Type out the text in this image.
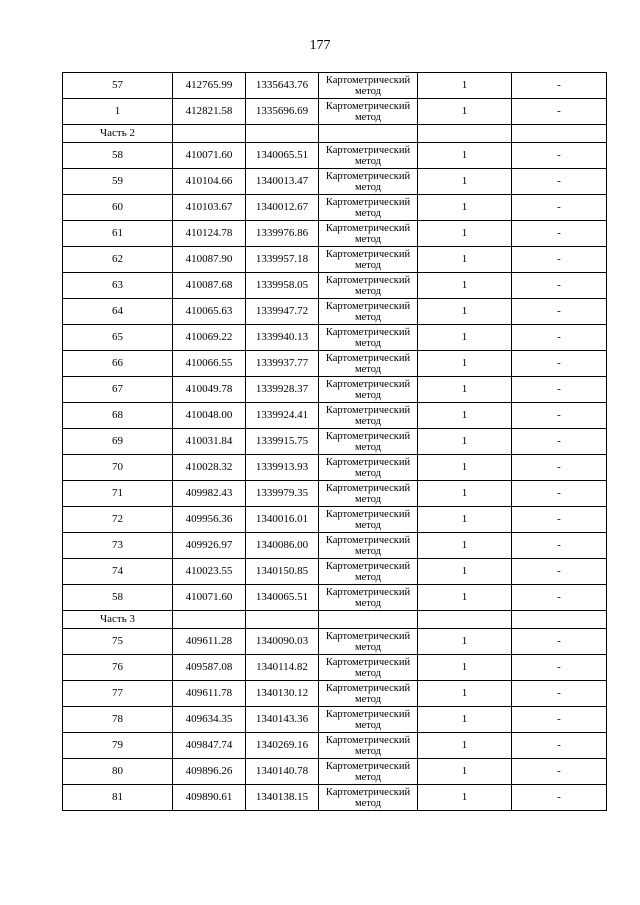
177
57	412765.99	1335643.76	Картометрический метод	1	-
1	412821.58	1335696.69	Картометрический метод	1	-
Часть 2					
58	410071.60	1340065.51	Картометрический метод	1	-
59	410104.66	1340013.47	Картометрический метод	1	-
60	410103.67	1340012.67	Картометрический метод	1	-
61	410124.78	1339976.86	Картометрический метод	1	-
62	410087.90	1339957.18	Картометрический метод	1	-
63	410087.68	1339958.05	Картометрический метод	1	-
64	410065.63	1339947.72	Картометрический метод	1	-
65	410069.22	1339940.13	Картометрический метод	1	-
66	410066.55	1339937.77	Картометрический метод	1	-
67	410049.78	1339928.37	Картометрический метод	1	-
68	410048.00	1339924.41	Картометрический метод	1	-
69	410031.84	1339915.75	Картометрический метод	1	-
70	410028.32	1339913.93	Картометрический метод	1	-
71	409982.43	1339979.35	Картометрический метод	1	-
72	409956.36	1340016.01	Картометрический метод	1	-
73	409926.97	1340086.00	Картометрический метод	1	-
74	410023.55	1340150.85	Картометрический метод	1	-
58	410071.60	1340065.51	Картометрический метод	1	-
Часть 3					
75	409611.28	1340090.03	Картометрический метод	1	-
76	409587.08	1340114.82	Картометрический метод	1	-
77	409611.78	1340130.12	Картометрический метод	1	-
78	409634.35	1340143.36	Картометрический метод	1	-
79	409847.74	1340269.16	Картометрический метод	1	-
80	409896.26	1340140.78	Картометрический метод	1	-
81	409890.61	1340138.15	Картометрический метод	1	-
